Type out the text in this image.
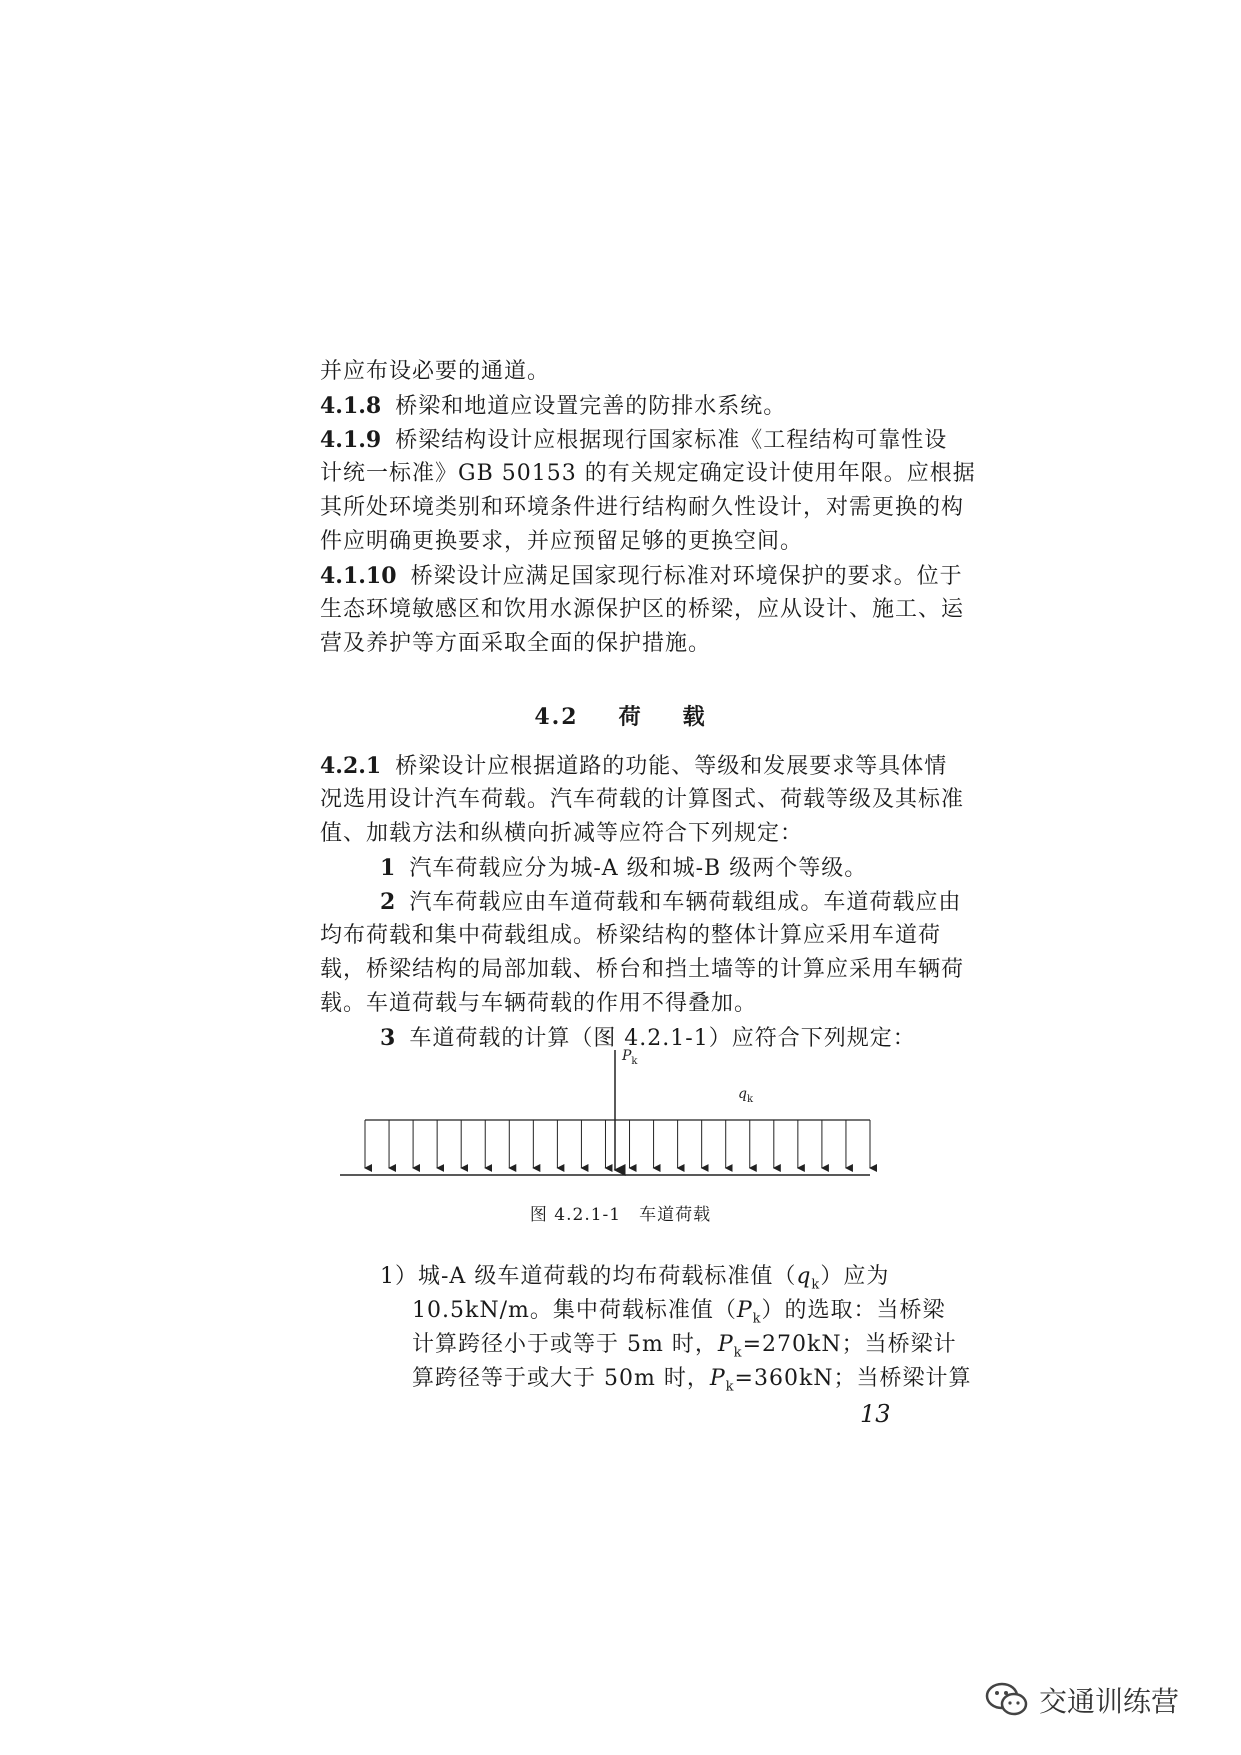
并应布设必要的通道。
4.1.8 桥梁和地道应设置完善的防排水系统。
4.1.9 桥梁结构设计应根据现行国家标准《工程结构可靠性设
计统一标准》GB 50153 的有关规定确定设计使用年限。应根据
其所处环境类别和环境条件进行结构耐久性设计，对需更换的构
件应明确更换要求，并应预留足够的更换空间。
4.1.10 桥梁设计应满足国家现行标准对环境保护的要求。位于
生态环境敏感区和饮用水源保护区的桥梁，应从设计、施工、运
营及养护等方面采取全面的保护措施。
4.2 荷 载
4.2.1 桥梁设计应根据道路的功能、等级和发展要求等具体情
况选用设计汽车荷载。汽车荷载的计算图式、荷载等级及其标准
值、加载方法和纵横向折减等应符合下列规定：
1 汽车荷载应分为城-A 级和城-B 级两个等级。
2 汽车荷载应由车道荷载和车辆荷载组成。车道荷载应由
均布荷载和集中荷载组成。桥梁结构的整体计算应采用车道荷
载，桥梁结构的局部加载、桥台和挡土墙等的计算应采用车辆荷
载。车道荷载与车辆荷载的作用不得叠加。
3 车道荷载的计算（图 4.2.1-1）应符合下列规定：
$P_k$
$q_k$
图 4.2.1-1　车道荷载
1）城-A 级车道荷载的均布荷载标准值$(q_k)$应为
10.5kN/m。集中荷载标准值$(P_k)$的选取：当桥梁
计算跨径小于或等于 5m 时，$P_k=270kN$；当桥梁计
算跨径等于或大于 50m 时，$P_k=360kN$；当桥梁计算
13
交通训练营
